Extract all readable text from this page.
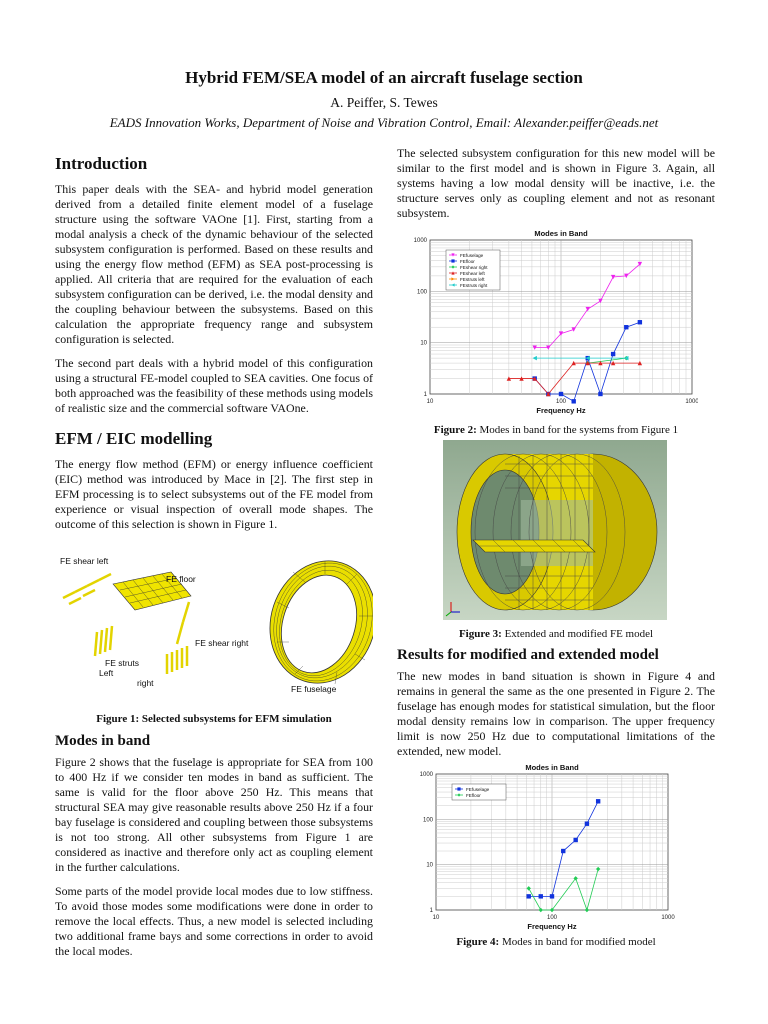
Hybrid FEM/SEA model of an aircraft fuselage section
A. Peiffer, S. Tewes
EADS Innovation Works, Department of Noise and Vibration Control, Email: Alexander.peiffer@eads.net
Introduction

This paper deals with the SEA- and hybrid model generation derived from a detailed finite element model of a fuselage structure using the software VAOne [1]. First, starting from a modal analysis a check of the dynamic behaviour of the selected subsystem configuration is performed. Based on these results and using the energy flow method (EFM) as SEA post-processing is applied. All criteria that are required for the evaluation of each subsystem configuration can be derived, i.e. the modal density and the coupling behaviour between the subsystems. Based on this calculation the appropriate frequency range and subsystem configuration is selected.

The second part deals with a hybrid model of this configuration using a structural FE-model coupled to SEA cavities. One focus of both approached was the feasibility of these methods using models of realistic size and the commercial software VAOne.

EFM / EIC modelling

The energy flow method (EFM) or energy influence coefficient (EIC) method was introduced by Mace in [2]. The first step in EFM processing is to select subsystems out of the FE model from experience or visual inspection of overall mode shapes. The outcome of this selection is shown in Figure 1.

FE shear left
FE floor
FE shear right
FE struts
Left
right
FE fuselage
Figure 1: Selected subsystems for EFM simulation
Modes in band

Figure 2 shows that the fuselage is appropriate for SEA from 100 to 400 Hz if we consider ten modes in band as sufficient. The same is valid for the floor above 250 Hz. This means that structural SEA may give reasonable results above 250 Hz if a four bay fuselage is considered and coupling between those subsystems is not too strong. All other subsystems from Figure 1 are considered as inactive and therefore only act as coupling element in the further calculations.

Some parts of the model provide local modes due to low stiffness. To avoid those modes some modifications were done in order to remove the local effects. Thus, a new model is selected including two additional frame bays and some corrections in order to avoid the local modes.

The selected subsystem configuration for this new model will be similar to the first model and is shown in Figure 3. Again, all systems having a low modal density will be inactive, i.e. the structure serves only as coupling element and not as resonant subsystem.

10	100	1000
1
10
100
1000
Modes in Band
Frequency Hz
FEfuselage
FEfloor
FEshear right
FEshear left
FEstruts left
FEstruts right
Figure 2: Modes in band for the systems from Figure 1
Figure 3: Extended and modified FE model
Results for modified and extended model

The new modes in band situation is shown in Figure 4 and remains in general the same as the one presented in Figure 2. The fuselage has enough modes for statistical simulation, but the floor modal density remains low in comparison. The upper frequency limit is now 250 Hz due to computational limitations of the extended, new model.

10	100	1000
1
10
100
1000
Modes in Band
Frequency Hz
FEfuselage
FEfloor
Figure 4: Modes in band for modified model
